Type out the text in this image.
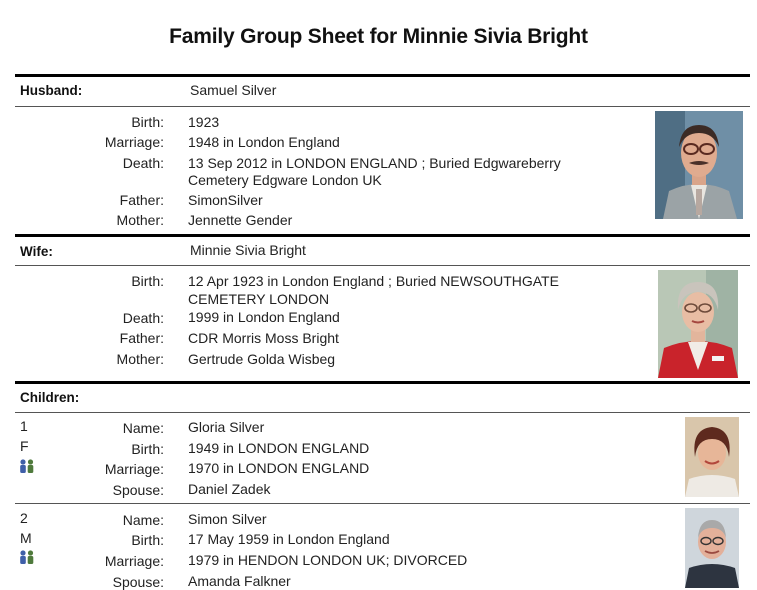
Family Group Sheet for Minnie Sivia Bright
Husband:	Samuel Silver
Birth: 1923
Marriage: 1948 in London England
Death: 13 Sep 2012 in LONDON ENGLAND ; Buried Edgwareberry
Cemetery Edgware London UK
Father: SimonSilver
Mother: Jennette Gender
Wife:	Minnie Sivia Bright
Birth: 12 Apr 1923 in London England ; Buried NEWSOUTHGATE
CEMETERY LONDON
Death: 1999 in London England
Father: CDR Morris Moss Bright
Mother: Gertrude Golda Wisbeg
Children:
1
F
Name: Gloria Silver
Birth: 1949 in LONDON ENGLAND
Marriage: 1970 in LONDON ENGLAND
Spouse: Daniel Zadek
2
M
Name: Simon Silver
Birth: 17 May 1959 in London England
Marriage: 1979 in HENDON LONDON UK; DIVORCED
Spouse: Amanda Falkner
